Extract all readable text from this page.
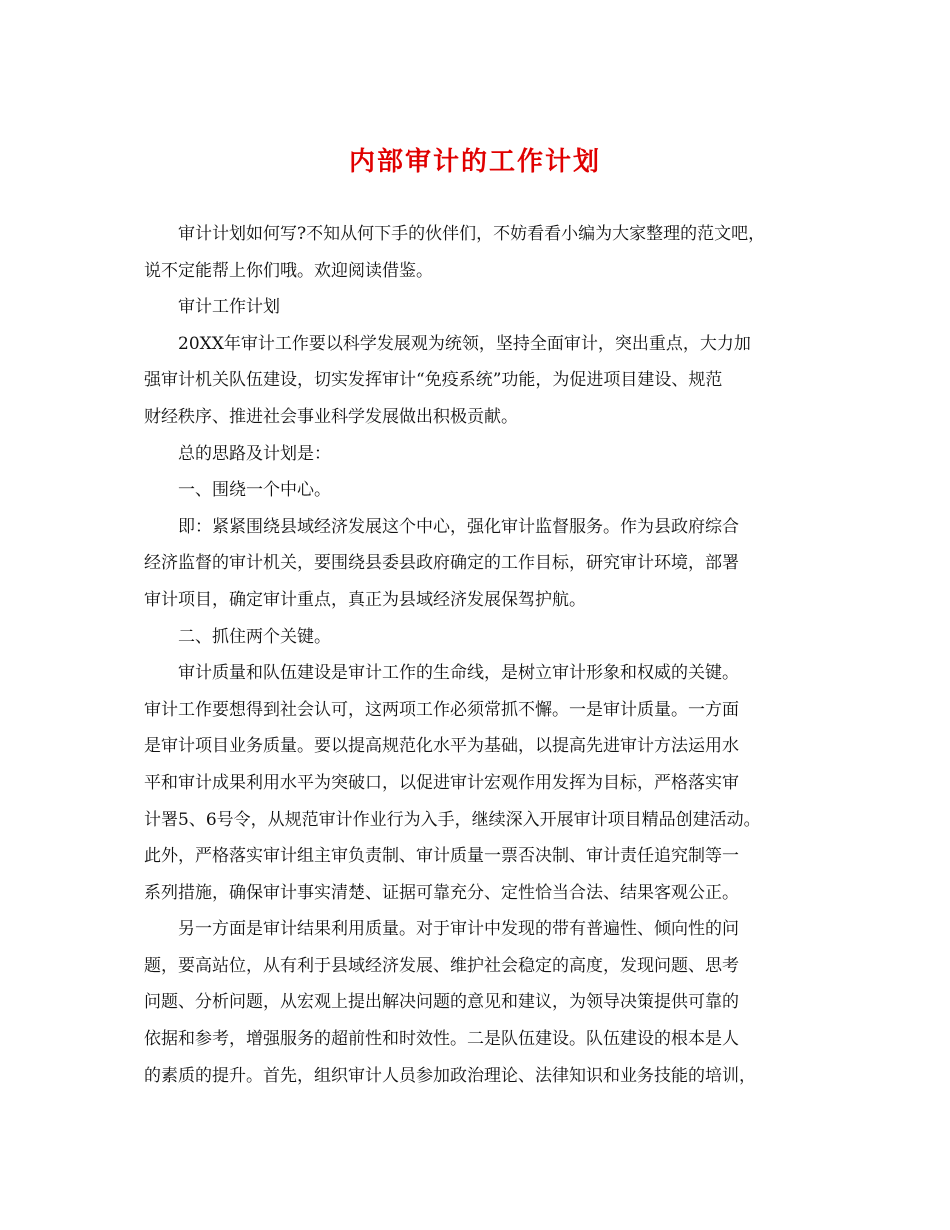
内部审计的工作计划
审计计划如何写?不知从何下手的伙伴们，不妨看看小编为大家整理的范文吧，
说不定能帮上你们哦。欢迎阅读借鉴。
审计工作计划
20XX年审计工作要以科学发展观为统领，坚持全面审计，突出重点，大力加
强审计机关队伍建设，切实发挥审计“免疫系统”功能，为促进项目建设、规范
财经秩序、推进社会事业科学发展做出积极贡献。
总的思路及计划是：
一、围绕一个中心。
即：紧紧围绕县域经济发展这个中心，强化审计监督服务。作为县政府综合
经济监督的审计机关，要围绕县委县政府确定的工作目标，研究审计环境，部署
审计项目，确定审计重点，真正为县域经济发展保驾护航。
二、抓住两个关键。
审计质量和队伍建设是审计工作的生命线，是树立审计形象和权威的关键。
审计工作要想得到社会认可，这两项工作必须常抓不懈。一是审计质量。一方面
是审计项目业务质量。要以提高规范化水平为基础，以提高先进审计方法运用水
平和审计成果利用水平为突破口，以促进审计宏观作用发挥为目标，严格落实审
计署5、6号令，从规范审计作业行为入手，继续深入开展审计项目精品创建活动。
此外，严格落实审计组主审负责制、审计质量一票否决制、审计责任追究制等一
系列措施，确保审计事实清楚、证据可靠充分、定性恰当合法、结果客观公正。
另一方面是审计结果利用质量。对于审计中发现的带有普遍性、倾向性的问
题，要高站位，从有利于县域经济发展、维护社会稳定的高度，发现问题、思考
问题、分析问题，从宏观上提出解决问题的意见和建议，为领导决策提供可靠的
依据和参考，增强服务的超前性和时效性。二是队伍建设。队伍建设的根本是人
的素质的提升。首先，组织审计人员参加政治理论、法律知识和业务技能的培训，
